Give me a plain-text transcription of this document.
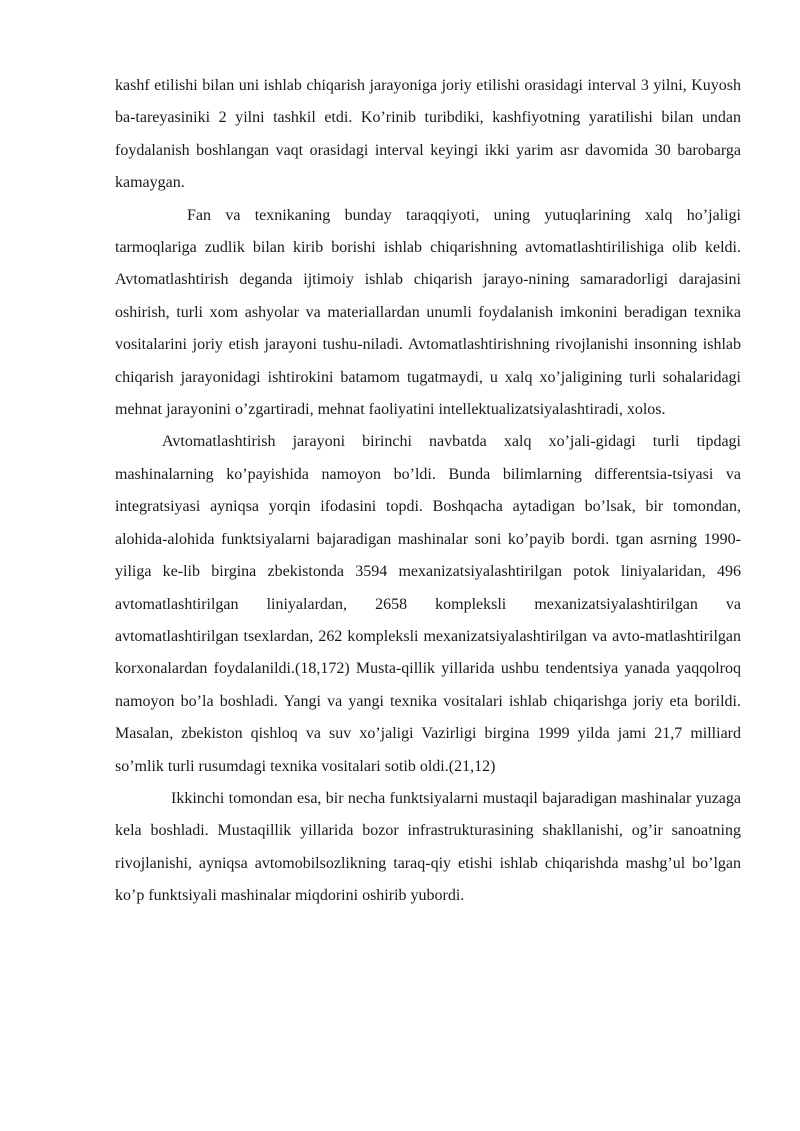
kashf etilishi bilan uni ishlab chiqarish jarayoniga joriy etilishi orasidagi interval 3 yilni, Kuyosh ba-tareyasiniki 2 yilni tashkil etdi. Ko’rinib turibdiki, kashfiyotning yaratilishi bilan undan foydalanish boshlangan vaqt orasidagi interval keyingi ikki yarim asr davomida 30 barobarga kamaygan.

Fan va texnikaning bunday taraqqiyoti, uning yutuqlarining xalq ho’jaligi tarmoqlariga zudlik bilan kirib borishi ishlab chiqarishning avtomatlashtirilishiga olib keldi. Avtomatlashtirish deganda ijtimoiy ishlab chiqarish jarayo-nining samaradorligi darajasini oshirish, turli xom ashyolar va materiallardan unumli foydalanish imkonini beradigan texnika vositalarini joriy etish jarayoni tushu-niladi. Avtomatlashtirishning rivojlanishi insonning ishlab chiqarish jarayonidagi ishtirokini batamom tugatmaydi, u xalq xo’jaligining turli sohalaridagi mehnat jarayonini o’zgartiradi, mehnat faoliyatini intellektualizatsiyalashtiradi, xolos.

Avtomatlashtirish jarayoni birinchi navbatda xalq xo’jali-gidagi turli tipdagi mashinalarning ko’payishida namoyon bo’ldi. Bunda bilimlarning differentsia-tsiyasi va integratsiyasi ayniqsa yorqin ifodasini topdi. Boshqacha aytadigan bo’lsak, bir tomondan, alohida-alohida funktsiyalarni bajaradigan mashinalar soni ko’payib bordi. tgan asrning 1990-yiliga ke-lib birgina zbekistonda 3594 mexanizatsiyalashtirilgan potok liniyalaridan, 496 avtomatlashtirilgan liniyalardan, 2658 kompleksli mexanizatsiyalashtirilgan va avtomatlashtirilgan tsexlardan, 262 kompleksli mexanizatsiyalashtirilgan va avto-matlashtirilgan korxonalardan foydalanildi.(18,172) Musta-qillik yillarida ushbu tendentsiya yanada yaqqolroq namoyon bo’la boshladi. Yangi va yangi texnika vositalari ishlab chiqarishga joriy eta borildi. Masalan, zbekiston qishloq va suv xo’jaligi Vazirligi birgina 1999 yilda jami 21,7 milliard so’mlik turli rusumdagi texnika vositalari sotib oldi.(21,12)

Ikkinchi tomondan esa, bir necha funktsiyalarni mustaqil bajaradigan mashinalar yuzaga kela boshladi. Mustaqillik yillarida bozor infrastrukturasining shakllanishi, og’ir sanoatning rivojlanishi, ayniqsa avtomobilsozlikning taraq-qiy etishi ishlab chiqarishda mashg’ul bo’lgan ko’p funktsiyali mashinalar miqdorini oshirib yubordi.
